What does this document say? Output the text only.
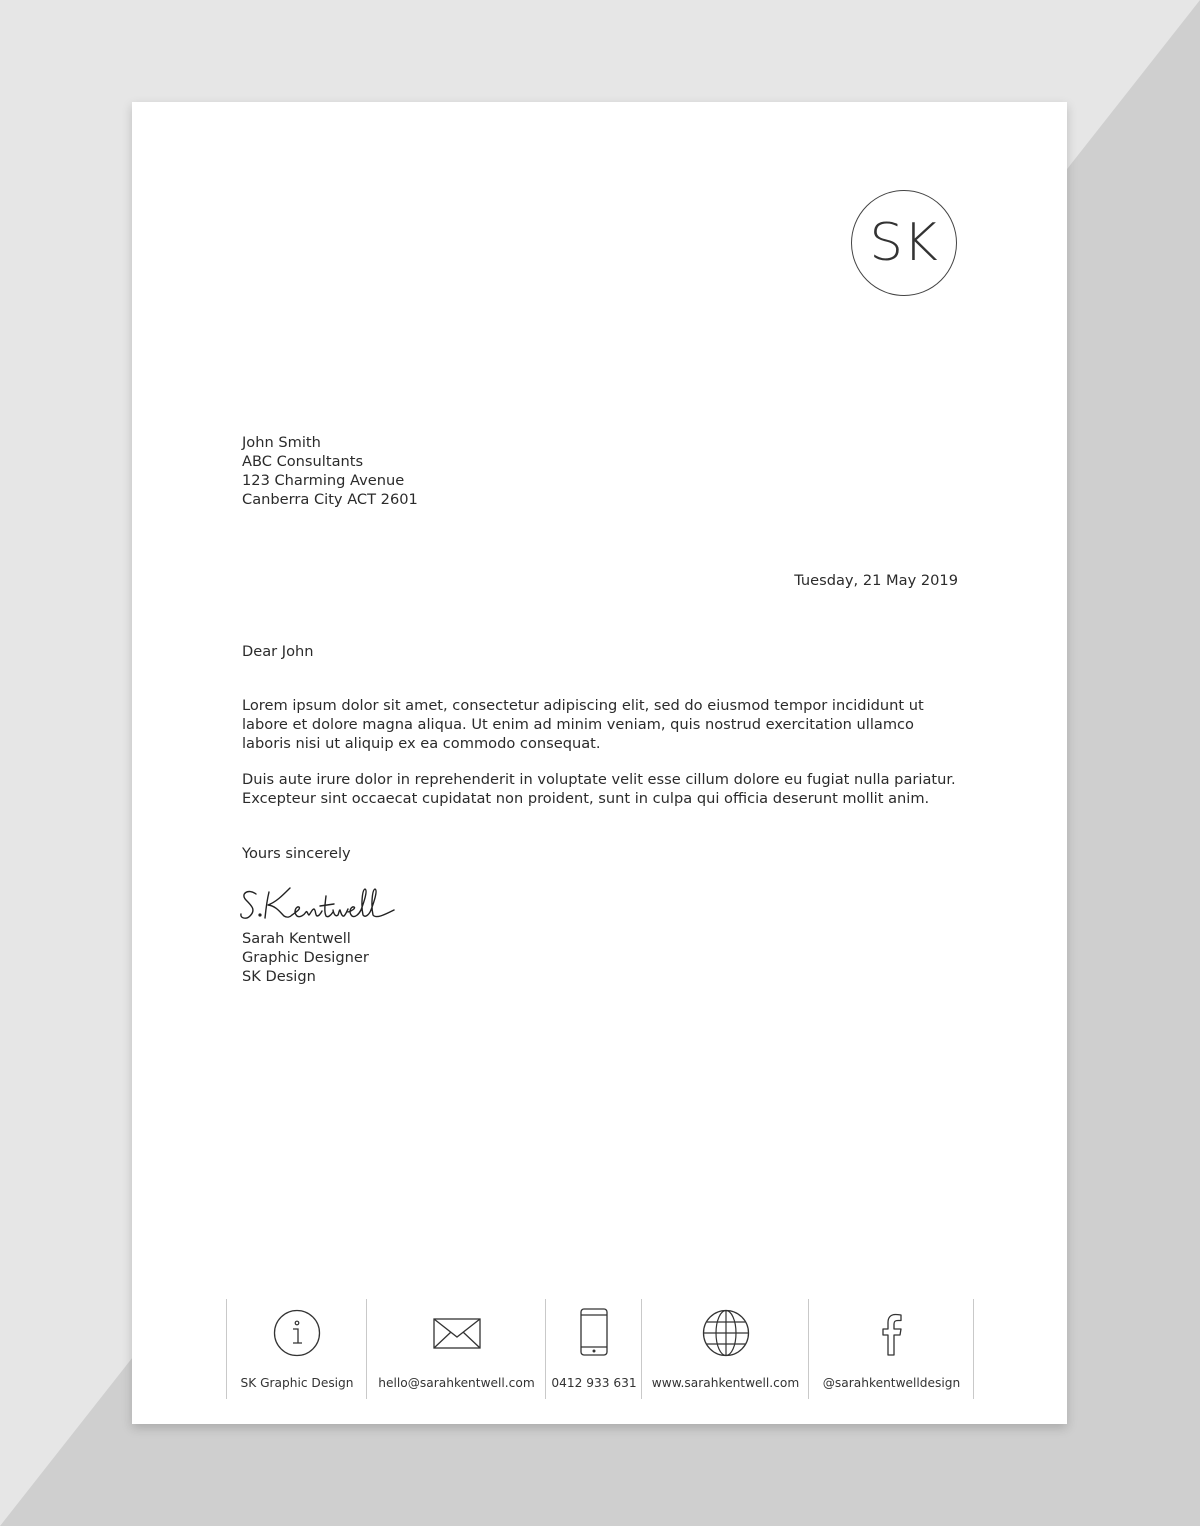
SK
John Smith
ABC Consultants
123 Charming Avenue
Canberra City ACT 2601
Tuesday, 21 May 2019
Dear John

Lorem ipsum dolor sit amet, consectetur adipiscing elit, sed do eiusmod tempor incididunt ut labore et dolore magna aliqua. Ut enim ad minim veniam, quis nostrud exercitation ullamco laboris nisi ut aliquip ex ea commodo consequat.

Duis aute irure dolor in reprehenderit in voluptate velit esse cillum dolore eu fugiat nulla pariatur. Excepteur sint occaecat cupidatat non proident, sunt in culpa qui officia deserunt mollit anim.

Yours sincerely
Sarah Kentwell
Graphic Designer
SK Design
SK Graphic Design	hello@sarahkentwell.com	0412 933 631	www.sarahkentwell.com	@sarahkentwelldesign
